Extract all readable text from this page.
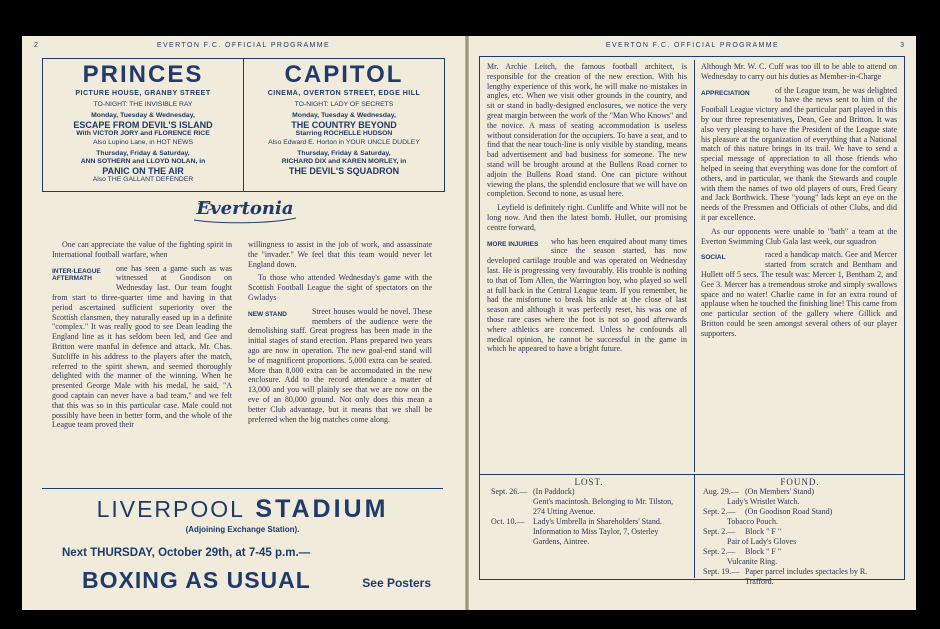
2	EVERTON F.C. OFFICIAL PROGRAMME
PRINCES
PICTURE HOUSE, GRANBY STREET
TO-NIGHT: THE INVISIBLE RAY
Monday, Tuesday & Wednesday,
ESCAPE FROM DEVIL'S ISLAND
With VICTOR JORY and FLORENCE RICE
Also Lupino Lane, in HOT NEWS
Thursday, Friday & Saturday,
ANN SOTHERN and LLOYD NOLAN, in
PANIC ON THE AIR
Also THE GALLANT DEFENDER
CAPITOL
CINEMA, OVERTON STREET, EDGE HILL
TO-NIGHT: LADY OF SECRETS
Monday, Tuesday & Wednesday,
THE COUNTRY BEYOND
Starring ROCHELLE HUDSON
Also Edward E. Horton in YOUR UNCLE DUDLEY
Thursday, Friday & Saturday,
RICHARD DIX and KAREN MORLEY, in
THE DEVIL'S SQUADRON
Evertonia

One can appreciate the value of the fighting spirit in International football warfare, when

INTER-LEAGUE AFTERMATH
one has seen a game such as was witnessed at Goodison on Wednesday last. Our team fought from start to three-quarter time and having in that period ascertained sufficient superiority over the Scottish clansmen, they naturally eased up in a definite "complex." It was really good to see Dean leading the England line as it has seldom been led, and Gee and Britton were manful in defence and attack. Mr. Chas. Sutcliffe in his address to the players after the match, referred to the spirit shewn, and seemed thoroughly delighted with the manner of the winning. When he presented George Male with his medal, he said, "A good captain can never have a bad team," and we felt that this was so in this particular case. Male could not possibly have been in better form, and the whole of the League team proved their

willingness to assist in the job of work, and assassinate the "invader." We feel that this team would never let England down.

To those who attended Wednesday's game with the Scottish Football League the sight of spectators on the Gwladys

NEW STAND	Street houses would be novel. These members of the audience were the demolishing staff. Great progress has been made in the initial stages of stand erection. Plans prepared two years ago are now in operation. The new goal-end stand will be of magnificent proportions. 5,000 extra can be seated. More than 8,000 extra can be accomodated in the new enclosure. Add to the record attendance a matter of 13,000 and you will plainly see that we are now on the eve of an 80,000 ground. Not only does this mean a better Club advantage, but it means that we shall be preferred when the big matches come along.

LIVERPOOL STADIUM
(Adjoining Exchange Station).
Next THURSDAY, October 29th, at 7-45 p.m.—
BOXING AS USUAL	See Posters
EVERTON F.C. OFFICIAL PROGRAMME	3

Mr. Archie Leitch, the famous football architect, is responsible for the creation of the new erection. With his lengthy experience of this work, he will make no mistakes in angles, etc. When we visit other grounds in the country, and sit or stand in badly-designed enclosures, we notice the very great margin between the work of the "Man Who Knows" and the novice. A mass of seating accommodation is useless without consideration for the occupiers. To have a seat, and to find that the near touch-line is only visible by standing, means bad advertisement and bad business for someone. The new stand will be brought around at the Bullens Road corner to adjoin the Bullens Road stand. One can picture without viewing the plans, the splendid enclosure that we will have on completion. Second to none, as usual here.

Leyfield is definitely right. Cunliffe and White will not be long now. And then the latest bomb. Hullet, our promising centre forward,

MORE INJURIES	who has been enquired about many times since the season started, has now developed cartilage trouble and was operated on Wednesday last. He is progressing very favourably. His trouble is nothing to that of Tom Allen, the Warrington boy, who played so well at full back in the Central League team. If you remember, he had the misfortune to break his ankle at the close of last season and although it was perfectly reset, his was one of those rare cases where the foot is not so good afterwards where athletics are concerned. Unless he confounds all medical opinion, he cannot be successful in the game in which he appeared to have a bright future.

Although Mr. W. C. Cuff was too ill to be able to attend on Wednesday to carry out his duties as Member-in-Charge

APPRECIATION	of the League team, he was delighted to have the news sent to him of the Football League victory and the particular part played in this by our three representatives, Dean, Gee and Britton. It was also very pleasing to have the President of the League state his pleasure at the organization of everything that a National match of this nature brings in its trail. We have to send a special message of appreciation to all those friends who helped in seeing that everything was done for the comfort of others, and in particular, we thank the Stewards and couple with them the names of two old players of ours, Fred Geary and Jack Borthwick. These "young" lads kept an eye on the needs of the Pressmen and Officials of other Clubs, and did it par excellence.

As our opponents were unable to "bath" a team at the Everton Swimming Club Gala last week, our squadron

SOCIAL	raced a handicap match. Gee and Mercer started from scratch and Bentham and Hullett off 5 secs. The result was: Mercer 1, Bentham 2, and Gee 3. Mercer has a tremendous stroke and simply swallows space and no water! Charlie came in for an extra round of applause when he touched the finishing line! This came from one particular section of the gallery where Gillick and Britton could be seen amongst several others of our player supporters.

LOST.
Sept. 26.— (In Paddock)
Gent's macintosh. Belonging to Mr. Tilston, 274 Utting Avenue.
Oct. 10.—	Lady's Umbrella in Shareholders' Stand. Information to Miss Taylor, 7, Osterley Gardens, Aintree.
FOUND.
Aug. 29.— (On Members' Stand)
Lady's Wristlet Watch.
Sept. 2.—	(On Goodison Road Stand)
Tobacco Pouch.
Sept. 2.—	Block " F "
Pair of Lady's Gloves
Sept. 2.—	Block " F "
Vulcanite Ring.
Sept. 19.— Paper parcel includes spectacles by R. Trafford.
